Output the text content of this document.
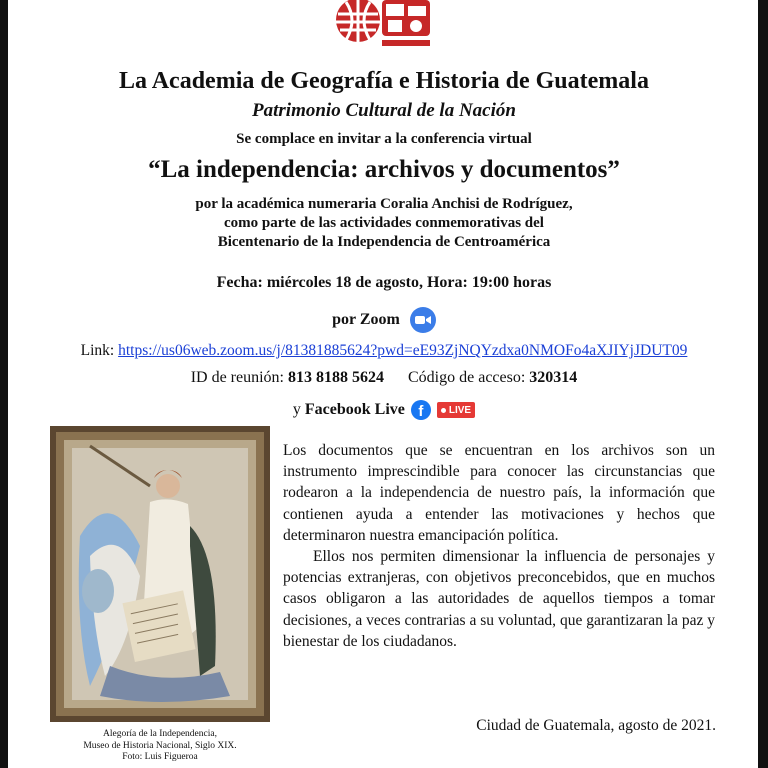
La Academia de Geografía e Historia de Guatemala
Patrimonio Cultural de la Nación
Se complace en invitar a la conferencia virtual
“La independencia: archivos y documentos”
por la académica numeraria Coralia Anchisi de Rodríguez,
como parte de las actividades conmemorativas del
Bicentenario de la Independencia de Centroamérica
Fecha: miércoles 18 de agosto, Hora: 19:00 horas
por Zoom
Link: https://us06web.zoom.us/j/81381885624?pwd=eE93ZjNQYzdxa0NMOFo4aXJIYjJDUT09
ID de reunión: 813 8188 5624 Código de acceso: 320314
y Facebook Live f	LIVE
Alegoría de la Independencia,
Museo de Historia Nacional, Siglo XIX.
Foto: Luis Figueroa

Los documentos que se encuentran en los archivos son un instrumento imprescindible para conocer las circunstancias que rodearon a la independencia de nuestro país, la información que contienen ayuda a entender las motivaciones y hechos que determinaron nuestra emancipación política.

Ellos nos permiten dimensionar la influencia de personajes y potencias extranjeras, con objetivos preconcebidos, que en muchos casos obligaron a las autoridades de aquellos tiempos a tomar decisiones, a veces contrarias a su voluntad, que garantizaran la paz y bienestar de los ciudadanos.

Ciudad de Guatemala, agosto de 2021.
